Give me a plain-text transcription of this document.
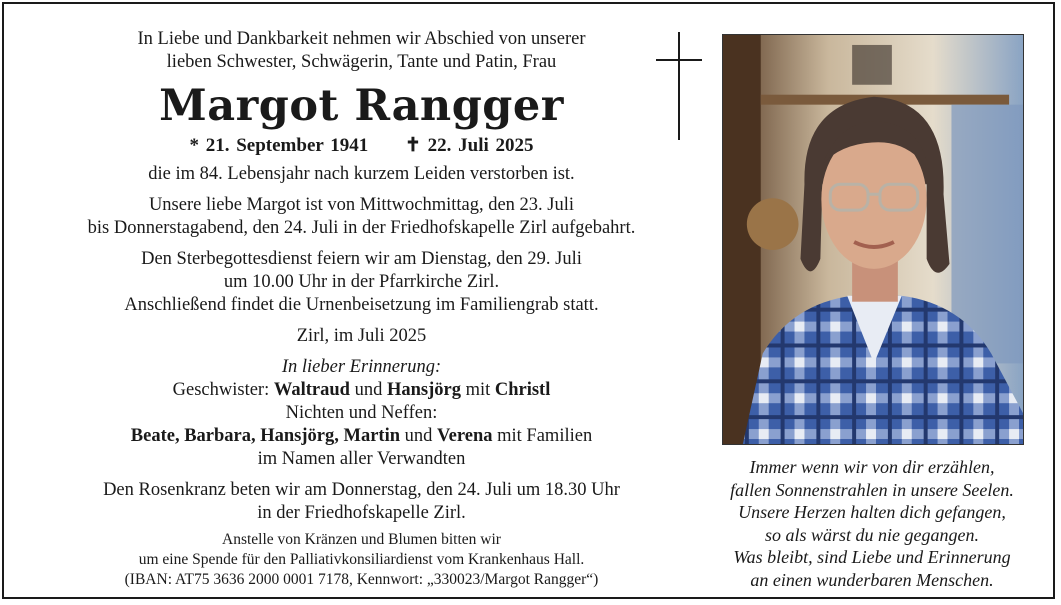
In Liebe und Dankbarkeit nehmen wir Abschied von unserer

lieben Schwester, Schwägerin, Tante und Patin, Frau

Margot Rangger

* 21. September 1941 ✝ 22. Juli 2025

die im 84. Lebensjahr nach kurzem Leiden verstorben ist.

Unsere liebe Margot ist von Mittwochmittag, den 23. Juli

bis Donnerstagabend, den 24. Juli in der Friedhofskapelle Zirl aufgebahrt.

Den Sterbegottesdienst feiern wir am Dienstag, den 29. Juli

um 10.00 Uhr in der Pfarrkirche Zirl.

Anschließend findet die Urnenbeisetzung im Familiengrab statt.

Zirl, im Juli 2025

In lieber Erinnerung:

Geschwister: Waltraud und Hansjörg mit Christl

Nichten und Neffen:

Beate, Barbara, Hansjörg, Martin und Verena mit Familien

im Namen aller Verwandten

Den Rosenkranz beten wir am Donnerstag, den 24. Juli um 18.30 Uhr

in der Friedhofskapelle Zirl.

Anstelle von Kränzen und Blumen bitten wir

um eine Spende für den Palliativkonsiliardienst vom Krankenhaus Hall.

(IBAN: AT75 3636 2000 0001 7178, Kennwort: „330023/Margot Rangger“)

Immer wenn wir von dir erzählen,

fallen Sonnenstrahlen in unsere Seelen.

Unsere Herzen halten dich gefangen,

so als wärst du nie gegangen.

Was bleibt, sind Liebe und Erinnerung

an einen wunderbaren Menschen.
